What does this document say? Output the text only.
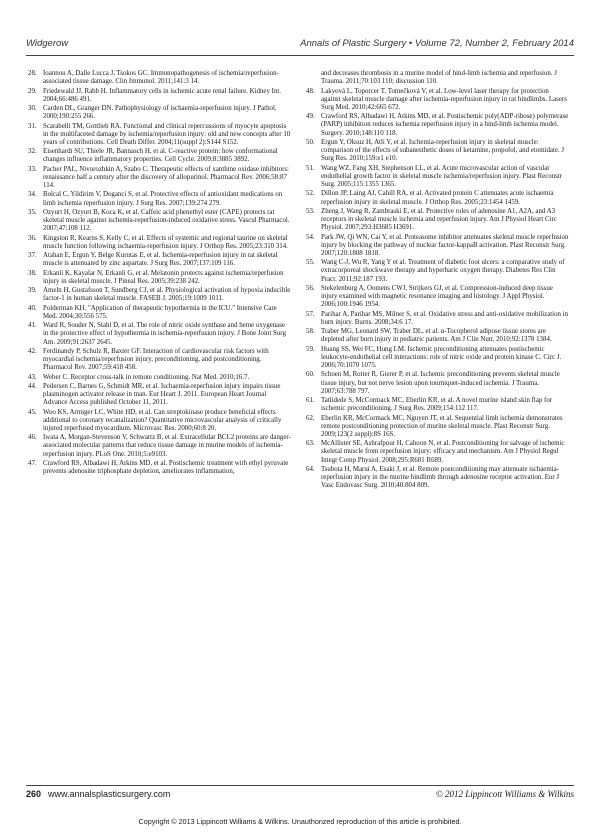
Widgerow	Annals of Plastic Surgery • Volume 72, Number 2, February 2014
28. Ioannou A, Dalle Lucca J, Tsokos GC. Immunopathogenesis of ischemia/reperfusion-associated tissue damage. Clin Immunol. 2011;141:3 14.
29. Friedewald JJ, Rabb H. Inflammatory cells in ischemic acute renal failure. Kidney Int. 2004;66:486 491.
30. Carden DL, Granger DN. Pathophysiology of ischaemia-reperfusion injury. J Pathol. 2000;190:255 266.
31. Scarabelli TM, Gottlieb RA. Functional and clinical repercussions of myocyte apoptosis in the multifaceted damage by ischemia/reperfusion injury: old and new concepts after 10 years of contributions. Cell Death Differ. 2004;11(suppl 2):S144 S152.
32. Eisenhardt SU, Thiele JR, Bannasch H, et al. C-reactive protein: how conformational changes influence inflammatory properties. Cell Cycle. 2009;8:3885 3892.
33. Pacher PAL, Nivorozhkin A, Szabo C. Therapeutic effects of xanthine oxidase inhibitors: renaissance half a century after the discovery of allopurinol. Pharmacol Rev. 2006;58:87 114.
34. Bolcal C, Yildirim V, Doganci S, et al. Protective effects of antioxidant medications on limb ischemia reperfusion injury. J Surg Res. 2007;139:274 279.
35. Ozyurt H, Ozyurt B, Koca K, et al. Caffeic acid phenethyl ester (CAPE) protects rat skeletal muscle against ischemia-reperfusion-induced oxidative stress. Vascul Pharmacol. 2007;47:108 112.
36. Kingston R, Kearns S, Kelly C, et al. Effects of systemic and regional taurine on skeletal muscle function following ischaemia-reperfusion injury. J Orthop Res. 2005;23:310 314.
37. Atahan E, Ergun Y, Belge Kurutas E, et al. Ischemia-reperfusion injury in rat skeletal muscle is attenuated by zinc aspartate. J Surg Res. 2007;137:109 116.
38. Erkanli K, Kayalar N, Erkanli G, et al. Melatonin protects against ischemia/reperfusion injury in skeletal muscle. J Pineal Res. 2005;39:238 242.
39. Ameln H, Gustafsson T, Sundberg CJ, et al. Physiological activation of hypoxia inducible factor-1 in human skeletal muscle. FASEB J. 2005;19:1009 1011.
40. Polderman KH. "Application of therapeutic hypothermia in the ICU." Intensive Care Med. 2004;30:556 575.
41. Ward R, Souder N, Stahl D, et al. The role of nitric oxide synthase and heme oxygenase in the protective effect of hypothermia in ischemia-reperfusion injury. J Bone Joint Surg Am. 2009;91:2637 2645.
42. Ferdinandy P, Schulz R, Baxter GF. Interaction of cardiovascular risk factors with myocardial ischemia/reperfusion injury, preconditioning, and postconditioning. Pharmacol Rev. 2007;59:418 458.
43. Weber C. Receptor cross-talk in remote conditioning. Nat Med. 2010;16:7.
44. Pedersen C, Barnes G, Schmidt MR, et al. Ischaemia-reperfusion injury impairs tissue plasminogen activator release in man. Eur Heart J. 2011. European Heart Journal Advance Access published October 11, 2011.
45. Woo KS, Armiger LC, White HD, et al. Can streptokinase produce beneficial effects additional to coronary recanalization? Quantitative microvascular analysis of critically injured reperfused myocardium. Microvasc Res. 2000;60:8 20.
46. Iwata A, Morgan-Stevenson V, Schwartz B, et al. Extracellular BCL2 proteins are danger-associated molecular patterns that reduce tissue damage in murine models of ischemia-reperfusion injury. PLoS One. 2010;5:e9103.
47. Crawford RS, Albadawi H, Atkins MD, et al. Postischemic treatment with ethyl pyruvate prevents adenosine triphosphate depletion, ameliorates inflammation,
and decreases thrombosis in a murine model of hind-limb ischemia and reperfusion. J Trauma. 2011;70:103 110; discussion 110.
48. Lakyová L, Toporcer T, Tomečková V, et al. Low-level laser therapy for protection against skeletal muscle damage after ischemia-reperfusion injury in rat hindlimbs. Lasers Surg Med. 2010;42:665 672.
49. Crawford RS, Albadawi H, Atkins MD, et al. Postischemic poly(ADP-ribose) polymerase (PARP) inhibition reduces ischemia reperfusion injury in a hind-limb ischemia model. Surgery. 2010;148:110 118.
50. Ergun Y, Oksuz H, Atli Y, et al. Ischemia-reperfusion injury in skeletal muscle: comparison of the effects of subanesthetic doses of ketamine, propofol, and etomidate. J Surg Res. 2010;159:e1 e10.
51. Wang WZ, Fang XH, Stephenson LL, et al. Acute microvascular action of vascular endothelial growth factor in skeletal muscle ischemia/reperfusion injury. Plast Reconstr Surg. 2005;115:1355 1365.
52. Dillon JP, Laing AJ, Cahill RA, et al. Activated protein C attenuates acute ischaemia reperfusion injury in skeletal muscle. J Orthop Res. 2005;23:1454 1459.
53. Zheng J, Wang R, Zambraski E, et al. Protective roles of adenosine A1, A2A, and A3 receptors in skeletal muscle ischemia and reperfusion injury. Am J Physiol Heart Circ Physiol. 2007;293:H3685 H3691.
54. Park JW, Qi WN, Cai Y, et al. Proteasome inhibitor attenuates skeletal muscle reperfusion injury by blocking the pathway of nuclear factor-kappaB activation. Plast Reconstr Surg. 2007;120:1808 1818.
55. Wang C-J, Wu R, Yang Y et al. Treatment of diabetic foot ulcers: a comparative study of extracorporeal shockwave therapy and hyperbaric oxygen therapy. Diabetes Res Clin Pract. 2011;92:187 193.
56. Stekelenburg A, Oomens CWJ, Strijkers GJ, et al. Compression-induced deep tissue injury examined with magnetic resonance imaging and histology. J Appl Physiol. 2006;100:1946 1954.
57. Parihar A, Parihar MS, Milner S, et al. Oxidative stress and anti-oxidative mobilization in burn injury. Burns. 2008;34:6 17.
58. Traber MG, Leonard SW, Traber DL, et al. α-Tocopherol adipose tissue stores are depleted after burn injury in pediatric patients. Am J Clin Nutr. 2010;92:1378 1384.
59. Huang SS, Wei FC, Hung LM. Ischemic preconditioning attenuates postischemic leukocyte-endothelial cell interactions: role of nitric oxide and protein kinase C. Circ J. 2006;70:1070 1075.
60. Schoen M, Rotter R, Gierer P, et al. Ischemic preconditioning prevents skeletal muscle tissue injury, but not nerve lesion upon tourniquet-induced ischemia. J Trauma. 2007;63:788 797.
61. Tatlidede S, McCormack MC, Eberlin KR, et al. A novel murine island skin flap for ischemic preconditioning. J Surg Res. 2009;154:112 117.
62. Eberlin KR, McCormack MC, Nguyen JT, et al. Sequential limb ischemia demonstrates remote postconditioning protection of murine skeletal muscle. Plast Reconstr Surg. 2009;123(2 suppl):8S 16S.
63. McAllister SE, Ashrafpour H, Cahoon N, et al. Postconditioning for salvage of ischemic skeletal muscle from reperfusion injury: efficacy and mechanism. Am J Physiol Regul Integr Comp Physiol. 2008;295:R681 R689.
64. Tsubota H, Marui A, Esaki J, et al. Remote postconditioning may attenuate ischaemia-reperfusion injury in the murine hindlimb through adenosine receptor activation. Eur J Vasc Endovasc Surg. 2010;40:804 809.
260 www.annalsplasticsurgery.com	© 2012 Lippincott Williams & Wilkins
Copyright © 2013 Lippincott Williams & Wilkins. Unauthorized reproduction of this article is prohibited.
